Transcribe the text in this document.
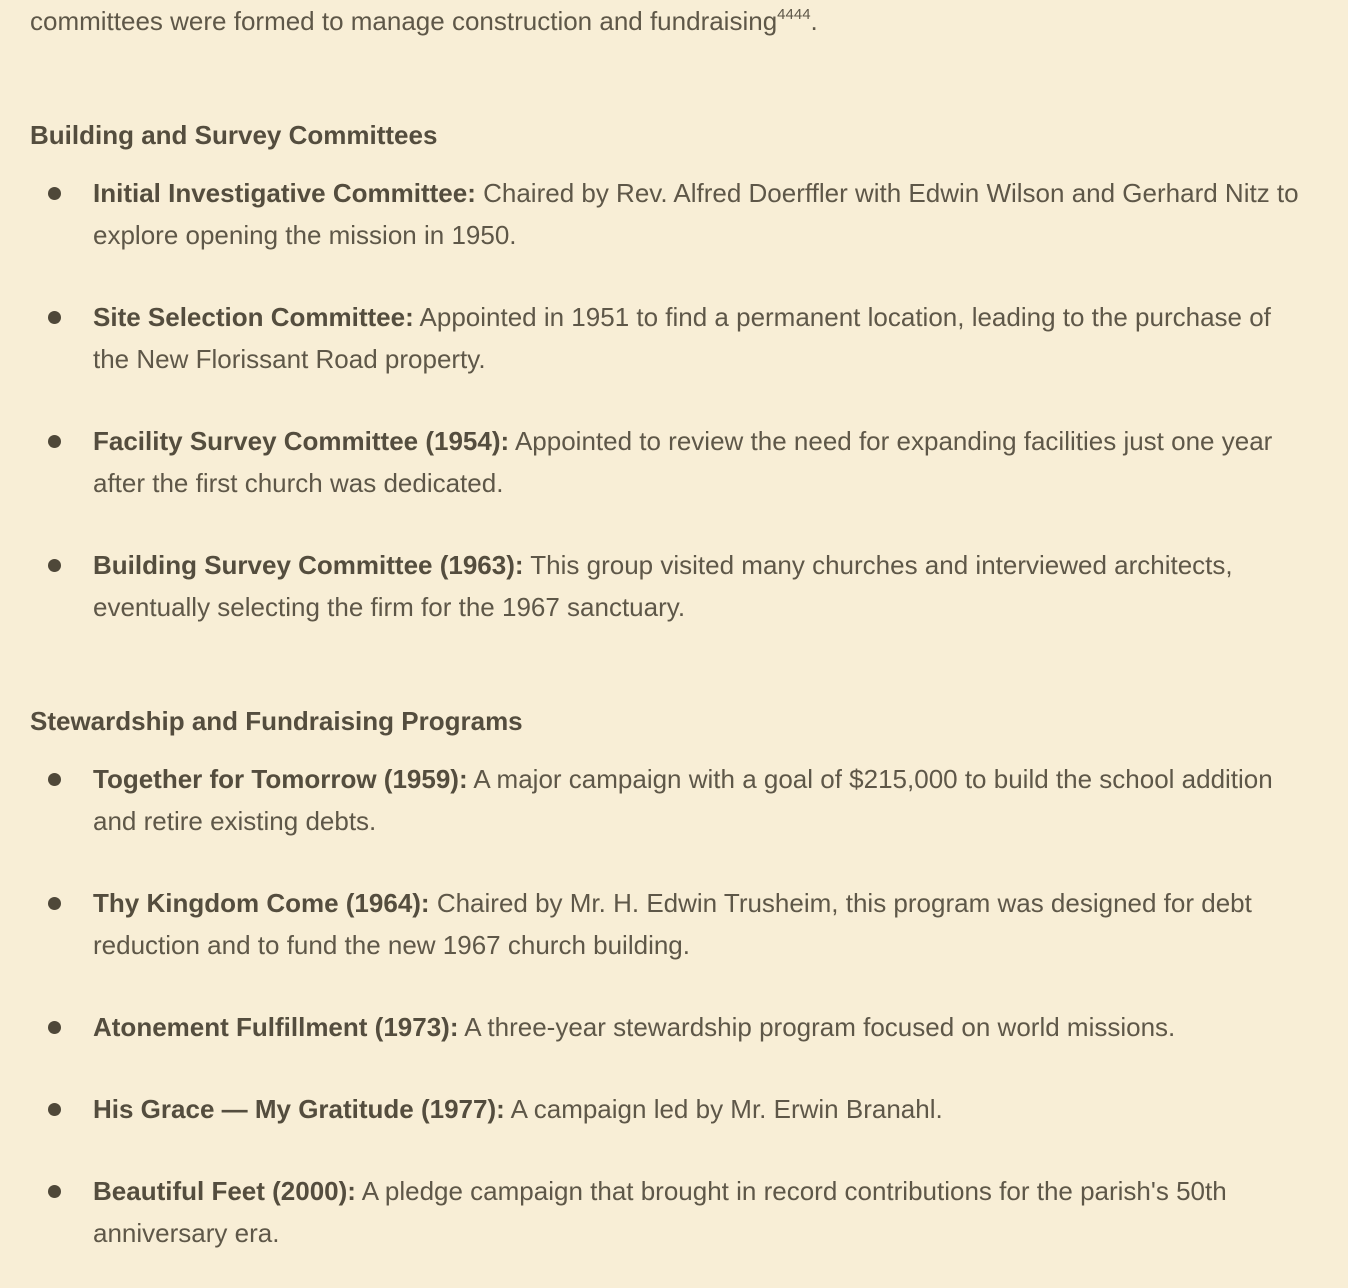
committees were formed to manage construction and fundraising$^{4444}$.

Building and Survey Committees
Initial Investigative Committee: Chaired by Rev. Alfred Doerffler with Edwin Wilson and Gerhard Nitz to explore opening the mission in 1950.
Site Selection Committee: Appointed in 1951 to find a permanent location, leading to the purchase of the New Florissant Road property.
Facility Survey Committee (1954): Appointed to review the need for expanding facilities just one year after the first church was dedicated.
Building Survey Committee (1963): This group visited many churches and interviewed architects, eventually selecting the firm for the 1967 sanctuary.
Stewardship and Fundraising Programs
Together for Tomorrow (1959): A major campaign with a goal of $215,000 to build the school addition and retire existing debts.
Thy Kingdom Come (1964): Chaired by Mr. H. Edwin Trusheim, this program was designed for debt reduction and to fund the new 1967 church building.
Atonement Fulfillment (1973): A three-year stewardship program focused on world missions.
His Grace — My Gratitude (1977): A campaign led by Mr. Erwin Branahl.
Beautiful Feet (2000): A pledge campaign that brought in record contributions for the parish's 50th anniversary era.
